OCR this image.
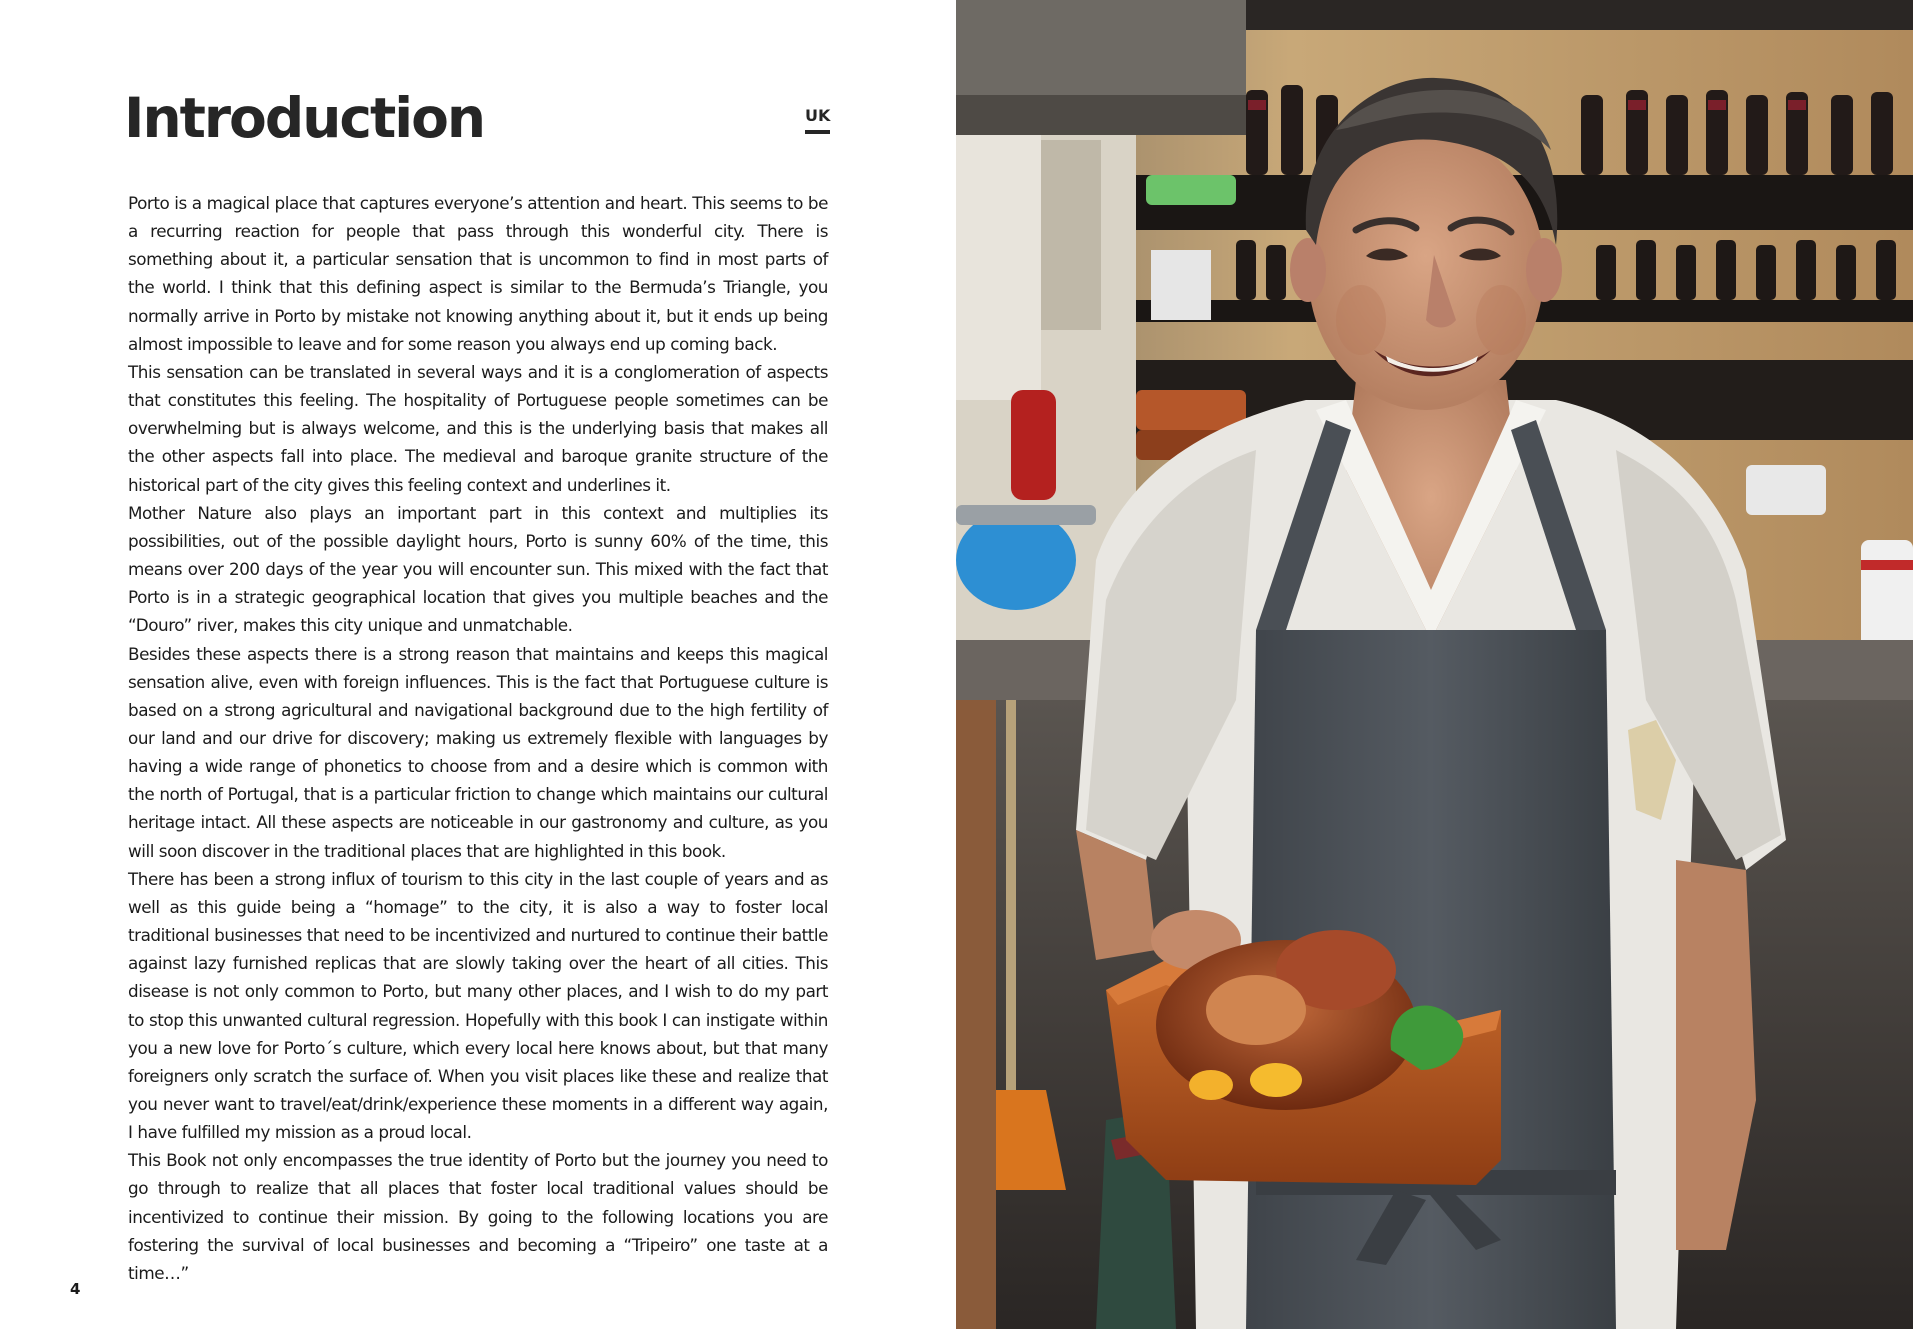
Introduction	UK

Porto is a magical place that captures everyone’s attention and heart. This seems to be a recurring reaction for people that pass through this wonderful city. There is something about it, a particular sensation that is uncommon to find in most parts of the world. I think that this defining aspect is similar to the Bermuda’s Triangle, you normally arrive in Porto by mistake not knowing anything about it, but it ends up being almost impossible to leave and for some reason you always end up coming back.

This sensation can be translated in several ways and it is a conglomeration of aspects that constitutes this feeling. The hospitality of Portuguese people sometimes can be overwhelming but is always welcome, and this is the underlying basis that makes all the other aspects fall into place. The medieval and baroque granite structure of the historical part of the city gives this feeling context and underlines it.

Mother Nature also plays an important part in this context and multiplies its possibilities, out of the possible daylight hours, Porto is sunny 60% of the time, this means over 200 days of the year you will encounter sun. This mixed with the fact that Porto is in a strategic geographical location that gives you multiple beaches and the “Douro” river, makes this city unique and unmatchable.

Besides these aspects there is a strong reason that maintains and keeps this magical sensation alive, even with foreign influences. This is the fact that Portuguese culture is based on a strong agricultural and navigational background due to the high fertility of our land and our drive for discovery; making us extremely flexible with languages by having a wide range of phonetics to choose from and a desire which is common with the north of Portugal, that is a particular friction to change which maintains our cultural heritage intact. All these aspects are noticeable in our gastronomy and culture, as you will soon discover in the traditional places that are highlighted in this book.

There has been a strong influx of tourism to this city in the last couple of years and as well as this guide being a “homage” to the city, it is also a way to foster local traditional businesses that need to be incentivized and nurtured to continue their battle against lazy furnished replicas that are slowly taking over the heart of all cities. This disease is not only common to Porto, but many other places, and I wish to do my part to stop this unwanted cultural regression. Hopefully with this book I can instigate within you a new love for Porto´s culture, which every local here knows about, but that many foreigners only scratch the surface of. When you visit places like these and realize that you never want to travel/eat/drink/experience these moments in a different way again, I have fulfilled my mission as a proud local.

This Book not only encompasses the true identity of Porto but the journey you need to go through to realize that all places that foster local traditional values should be incentivized to continue their mission. By going to the following locations you are fostering the survival of local businesses and becoming a “Tripeiro” one taste at a time…”

4
